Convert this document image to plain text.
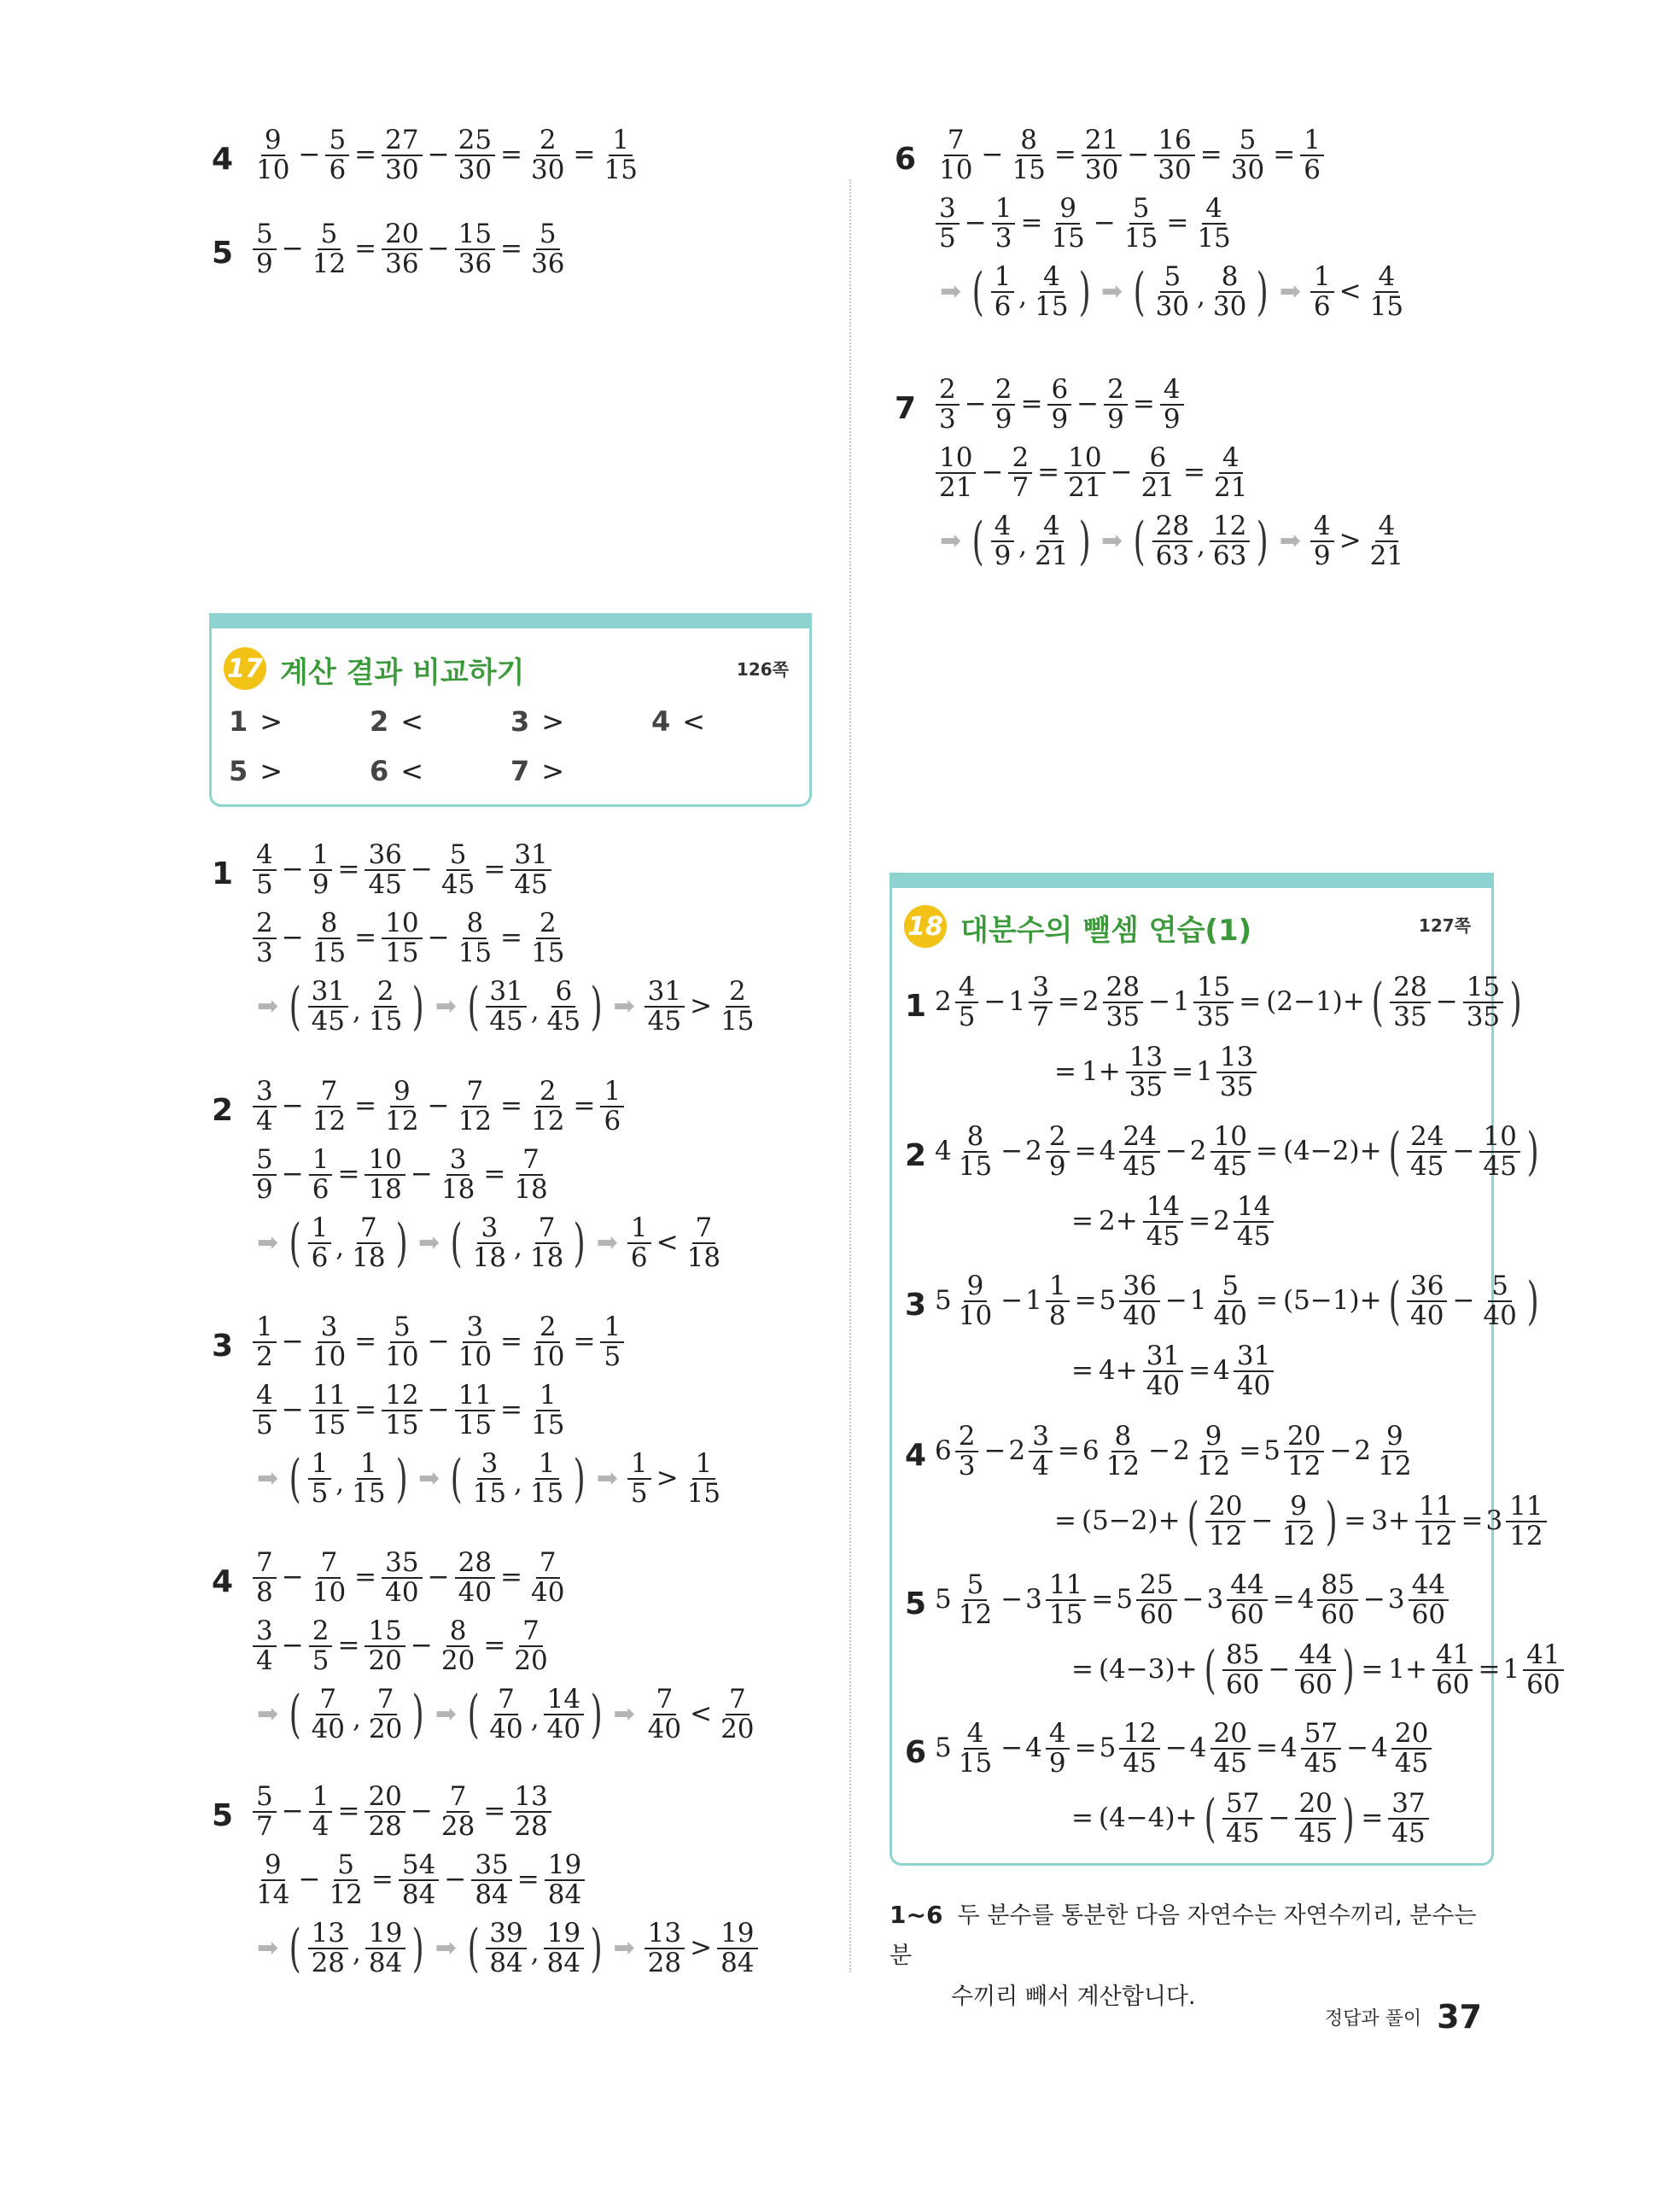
17 계산 결과 비교하기	126쪽
1 >	2 <	3 >	4 <
5 >	6 <	7 >
18 대분수의 뺄셈 연습(1)	127쪽
1~6 두 분수를 통분한 다음 자연수는 자연수끼리, 분수는 분
수끼리 빼서 계산합니다.
정답과 풀이 37
$4 \frac{9}{10} - \frac{5}{6} = \frac{27}{30} - \frac{25}{30} = \frac{2}{30} = \frac{1}{15}$
$5 \frac{5}{9} - \frac{5}{12} = \frac{20}{36} - \frac{15}{36} = \frac{5}{36}$
$6 \frac{7}{10} - \frac{8}{15} = \frac{21}{30} - \frac{16}{30} = \frac{5}{30} = \frac{1}{6}$
$\frac{3}{5} - \frac{1}{3} = \frac{9}{15} - \frac{5}{15} = \frac{4}{15}$
➡ ( $\frac{1}{6}$ , $\frac{4}{15}$ ) ➡ ( $\frac{5}{30}$ , $\frac{8}{30}$ ) ➡ $\frac{1}{6} < \frac{4}{15}$
$7 \frac{2}{3} - \frac{2}{9} = \frac{6}{9} - \frac{2}{9} = \frac{4}{9}$
$\frac{10}{21} - \frac{2}{7} = \frac{10}{21} - \frac{6}{21} = \frac{4}{21}$
➡ ( $\frac{4}{9}$ , $\frac{4}{21}$ ) ➡ ( $\frac{28}{63}$ , $\frac{12}{63}$ ) ➡ $\frac{4}{9} > \frac{4}{21}$
$1 \frac{4}{5} - \frac{1}{9} = \frac{36}{45} - \frac{5}{45} = \frac{31}{45}$
$\frac{2}{3} - \frac{8}{15} = \frac{10}{15} - \frac{8}{15} = \frac{2}{15}$
➡ ( $\frac{31}{45}$ , $\frac{2}{15}$ ) ➡ ( $\frac{31}{45}$ , $\frac{6}{45}$ ) ➡ $\frac{31}{45} > \frac{2}{15}$
$2 \frac{3}{4} - \frac{7}{12} = \frac{9}{12} - \frac{7}{12} = \frac{2}{12} = \frac{1}{6}$
$\frac{5}{9} - \frac{1}{6} = \frac{10}{18} - \frac{3}{18} = \frac{7}{18}$
➡ ( $\frac{1}{6}$ , $\frac{7}{18}$ ) ➡ ( $\frac{3}{18}$ , $\frac{7}{18}$ ) ➡ $\frac{1}{6} < \frac{7}{18}$
$3 \frac{1}{2} - \frac{3}{10} = \frac{5}{10} - \frac{3}{10} = \frac{2}{10} = \frac{1}{5}$
$\frac{4}{5} - \frac{11}{15} = \frac{12}{15} - \frac{11}{15} = \frac{1}{15}$
➡ ( $\frac{1}{5}$ , $\frac{1}{15}$ ) ➡ ( $\frac{3}{15}$ , $\frac{1}{15}$ ) ➡ $\frac{1}{5} > \frac{1}{15}$
$4 \frac{7}{8} - \frac{7}{10} = \frac{35}{40} - \frac{28}{40} = \frac{7}{40}$
$\frac{3}{4} - \frac{2}{5} = \frac{15}{20} - \frac{8}{20} = \frac{7}{20}$
➡ ( $\frac{7}{40}$ , $\frac{7}{20}$ ) ➡ ( $\frac{7}{40}$ , $\frac{14}{40}$ ) ➡ $\frac{7}{40} < \frac{7}{20}$
$5 \frac{5}{7} - \frac{1}{4} = \frac{20}{28} - \frac{7}{28} = \frac{13}{28}$
$\frac{9}{14} - \frac{5}{12} = \frac{54}{84} - \frac{35}{84} = \frac{19}{84}$
➡ ( $\frac{13}{28}$ , $\frac{19}{84}$ ) ➡ ( $\frac{39}{84}$ , $\frac{19}{84}$ ) ➡ $\frac{13}{28} > \frac{19}{84}$
1 $2 \frac{4}{5} - 1 \frac{3}{7} = 2 \frac{28}{35} - 1 \frac{15}{35} = (2-1)+$ ( $\frac{28}{35} - \frac{15}{35}$ )
= $1+ \frac{13}{35} = 1 \frac{13}{35}$
2 $4 \frac{8}{15} - 2 \frac{2}{9} = 4 \frac{24}{45} - 2 \frac{10}{45} = (4-2)+$ ( $\frac{24}{45} - \frac{10}{45}$ )
= $2+ \frac{14}{45} = 2 \frac{14}{45}$
3 $5 \frac{9}{10} - 1 \frac{1}{8} = 5 \frac{36}{40} - 1 \frac{5}{40} = (5-1)+$ ( $\frac{36}{40} - \frac{5}{40}$ )
= $4+ \frac{31}{40} = 4 \frac{31}{40}$
4 $6 \frac{2}{3} - 2 \frac{3}{4} = 6 \frac{8}{12} - 2 \frac{9}{12} = 5 \frac{20}{12} - 2 \frac{9}{12}$
= (5−2)+ ( $\frac{20}{12} - \frac{9}{12}$ ) = $3+ \frac{11}{12} = 3 \frac{11}{12}$
5 $5 \frac{5}{12} - 3 \frac{11}{15} = 5 \frac{25}{60} - 3 \frac{44}{60} = 4 \frac{85}{60} - 3 \frac{44}{60}$
= (4−3)+ ( $\frac{85}{60} - \frac{44}{60}$ ) = $1+ \frac{41}{60} = 1 \frac{41}{60}$
6 $5 \frac{4}{15} - 4 \frac{4}{9} = 5 \frac{12}{45} - 4 \frac{20}{45} = 4 \frac{57}{45} - 4 \frac{20}{45}$
= (4−4)+ ( $\frac{57}{45} - \frac{20}{45}$ ) = $\frac{37}{45}$
